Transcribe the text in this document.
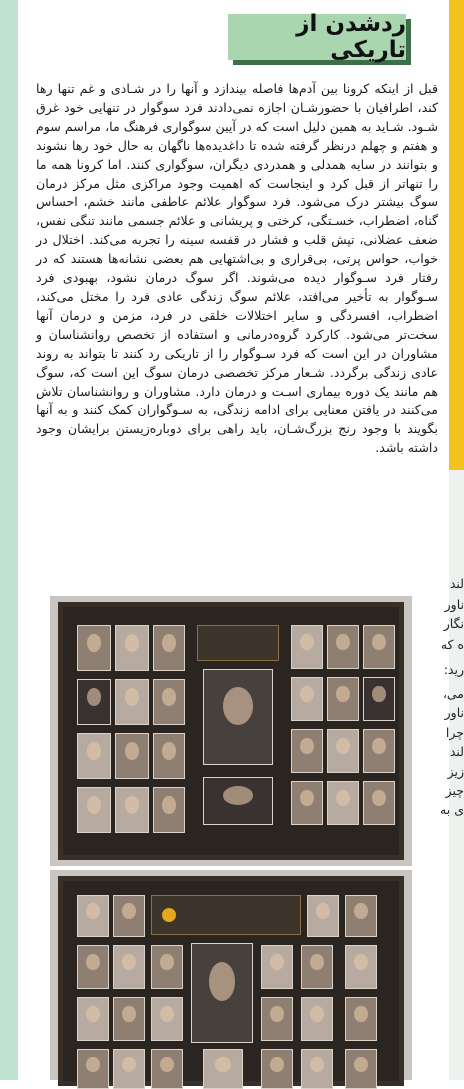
ردشدن از تاریکی
قبل از اینکه کرونا بین آدم‌ها فاصله بیندازد و آنها را در شـادی و غم تنها رها کند، اطرافیان با حضورشـان اجازه نمی‌دادند فرد سوگوار در تنهایی خود غرق شـود. شـاید به همین دلیل است که در آیین سوگواری فرهنگ ما، مراسم سوم و هفتم و چهلم درنظر گرفته شده تا داغدیده‌ها ناگهان به حال خود رها نشوند و بتوانند در سایه همدلی و همدردی دیگران، سوگواری کنند. اما کرونا همه ما را تنهاتر از قبل کرد و اینجاست که اهمیت وجود مراکزی مثل مرکز درمان سوگ بیشتر درک می‌شود. فرد سوگوار علائم عاطفی مانند خشم، احساس گناه، اضطراب، خسـتگی، کرختی و پریشانی و علائم جسمی مانند تنگی نفس، ضعف عضلانی، تپش قلب و فشار در قفسه سینه را تجربه می‌کند. اختلال در خواب، حواس پرتی، بی‌قراری و بی‌اشتهایی هم بعضی نشانه‌ها هستند که در رفتار فرد سـوگوار دیده می‌شوند. اگر سوگ درمان نشود، بهبودی فرد سـوگوار به تأخیر می‌افتد، علائم سوگ زندگی عادی فرد را مختل می‌کند، اضطراب، افسردگی و سایر اختلالات خلقی در فرد، مزمن و درمان آنها سخت‌تر می‌شود. کارکرد گروه‌درمانی و استفاده از تخصص روانشناسان و مشاوران در این است که فرد سـوگوار را از تاریکی رد کنند تا بتواند به روند عادی زندگی برگردد. شـعار مرکز تخصصی درمان سوگ این است که، سوگ هم مانند یک دوره بیماری اسـت و درمان دارد. مشاوران و روانشناسان تلاش می‌کنند در یافتن معنایی برای ادامه زندگی، به سـوگواران کمک کنند و به آنها بگویند با وجود رنج بزرگ‌شـان، باید راهی برای دوباره‌زیستن برایشان وجود داشته باشد.
لند
ناور
نگار
ه که
رید:
می،
ناور
چرا
لند
زیز
چیز
ی به
